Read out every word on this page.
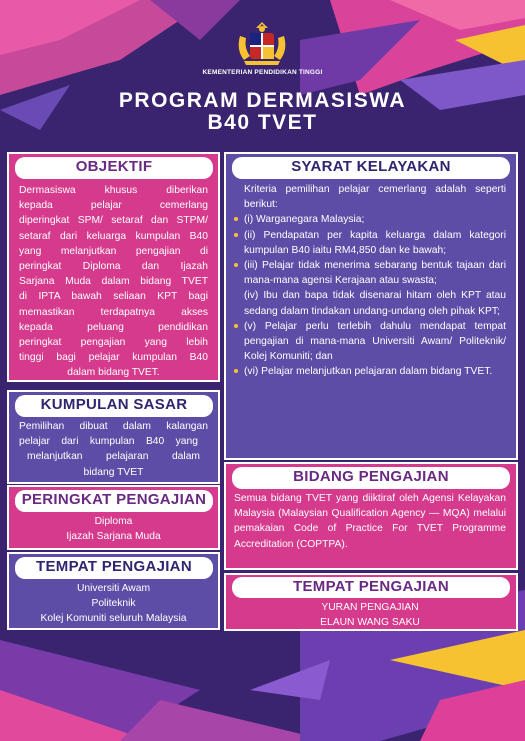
KEMENTERIAN PENDIDIKAN TINGGI
PROGRAM DERMASISWA
B40 TVET
OBJEKTIF
Dermasiswa khusus diberikan
kepada pelajar cemerlang
diperingkat SPM/ setaraf dan STPM/
setaraf dari keluarga kumpulan B40
yang melanjutkan pengajian di
peringkat Diploma dan Ijazah
Sarjana Muda dalam bidang TVET
di IPTA bawah seliaan KPT bagi
memastikan terdapatnya akses
kepada peluang pendidikan
peringkat pengajian yang lebih
tinggi bagi pelajar kumpulan B40
dalam bidang TVET.
KUMPULAN SASAR
Pemilihan dibuat dalam kalangan
pelajar dari kumpulan B40 yang
melanjutkan pelajaran dalam
bidang TVET
PERINGKAT PENGAJIAN
Diploma
Ijazah Sarjana Muda
TEMPAT PENGAJIAN
Universiti Awam
Politeknik
Kolej Komuniti seluruh Malaysia
SYARAT KELAYAKAN
Kriteria pemilihan pelajar cemerlang adalah seperti berikut:
(i) Warganegara Malaysia;
(ii) Pendapatan per kapita keluarga dalam kategori kumpulan B40 iaitu RM4,850 dan ke bawah;
(iii) Pelajar tidak menerima sebarang bentuk tajaan dari mana-mana agensi Kerajaan atau swasta;
(iv) Ibu dan bapa tidak disenarai hitam oleh KPT atau sedang dalam tindakan undang-undang oleh pihak KPT;
(v) Pelajar perlu terlebih dahulu mendapat tempat pengajian di mana-mana Universiti Awam/ Politeknik/ Kolej Komuniti; dan
(vi) Pelajar melanjutkan pelajaran dalam bidang TVET.
BIDANG PENGAJIAN
Semua bidang TVET yang diiktiraf oleh Agensi Kelayakan Malaysia (Malaysian Qualification Agency — MQA) melalui pemakaian Code of Practice For TVET Programme Accreditation (COPTPA).
TEMPAT PENGAJIAN
YURAN PENGAJIAN
ELAUN WANG SAKU
